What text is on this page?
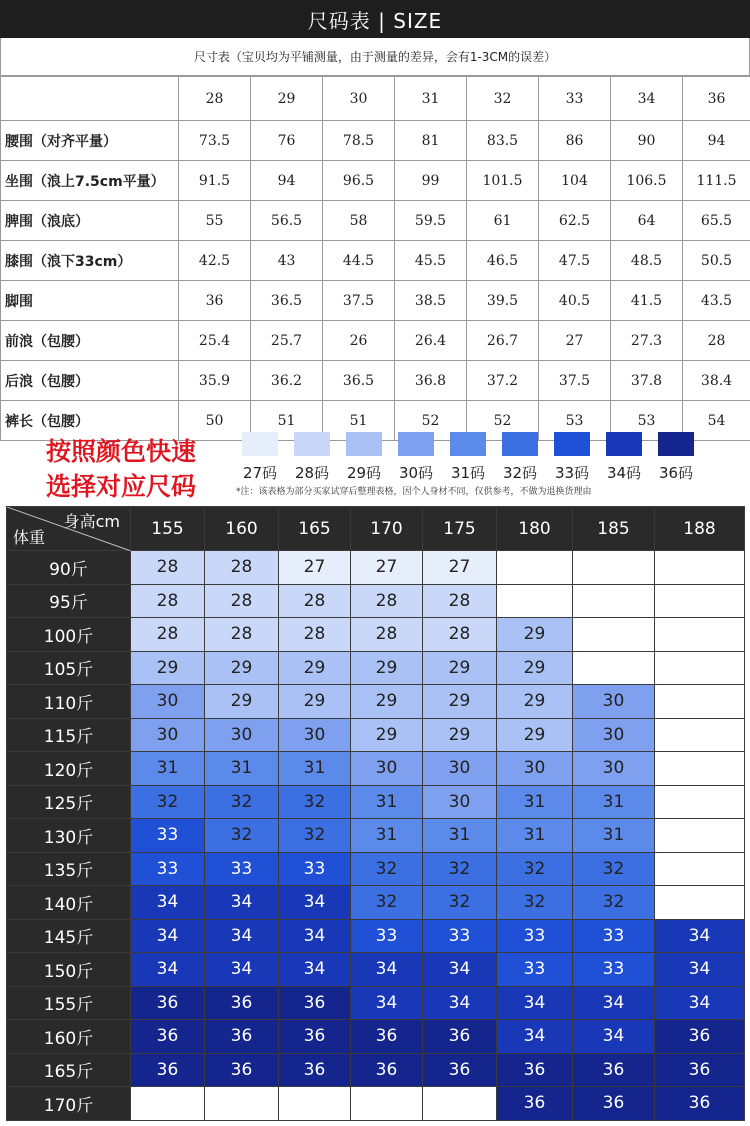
尺码表 | SIZE
尺寸表（宝贝均为平铺测量，由于测量的差异，会有1-3CM的误差）
	28	29	30	31	32	33	34	36
腰围（对齐平量）	73.5	76	78.5	81	83.5	86	90	94
坐围（浪上7.5cm平量）	91.5	94	96.5	99	101.5	104	106.5	111.5
脾围（浪底）	55	56.5	58	59.5	61	62.5	64	65.5
膝围（浪下33cm）	42.5	43	44.5	45.5	46.5	47.5	48.5	50.5
脚围	36	36.5	37.5	38.5	39.5	40.5	41.5	43.5
前浪（包腰）	25.4	25.7	26	26.4	26.7	27	27.3	28
后浪（包腰）	35.9	36.2	36.5	36.8	37.2	37.5	37.8	38.4
裤长（包腰）	50	51	51	52	52	53	53	54
按照颜色快速
选择对应尺码	27码	28码	29码	30码	31码	32码	33码	34码	36码
*注：该表格为部分买家试穿后整理表格，因个人身材不同，仅供参考，不做为退换货理由
身高cm
体重	155	160	165	170	175	180	185	188
90斤	28	28	27	27	27			
95斤	28	28	28	28	28			
100斤	28	28	28	28	28	29		
105斤	29	29	29	29	29	29		
110斤	30	29	29	29	29	29	30	
115斤	30	30	30	29	29	29	30	
120斤	31	31	31	30	30	30	30	
125斤	32	32	32	31	30	31	31	
130斤	33	32	32	31	31	31	31	
135斤	33	33	33	32	32	32	32	
140斤	34	34	34	32	32	32	32	
145斤	34	34	34	33	33	33	33	34
150斤	34	34	34	34	34	33	33	34
155斤	36	36	36	34	34	34	34	34
160斤	36	36	36	36	36	34	34	36
165斤	36	36	36	36	36	36	36	36
170斤						36	36	36
